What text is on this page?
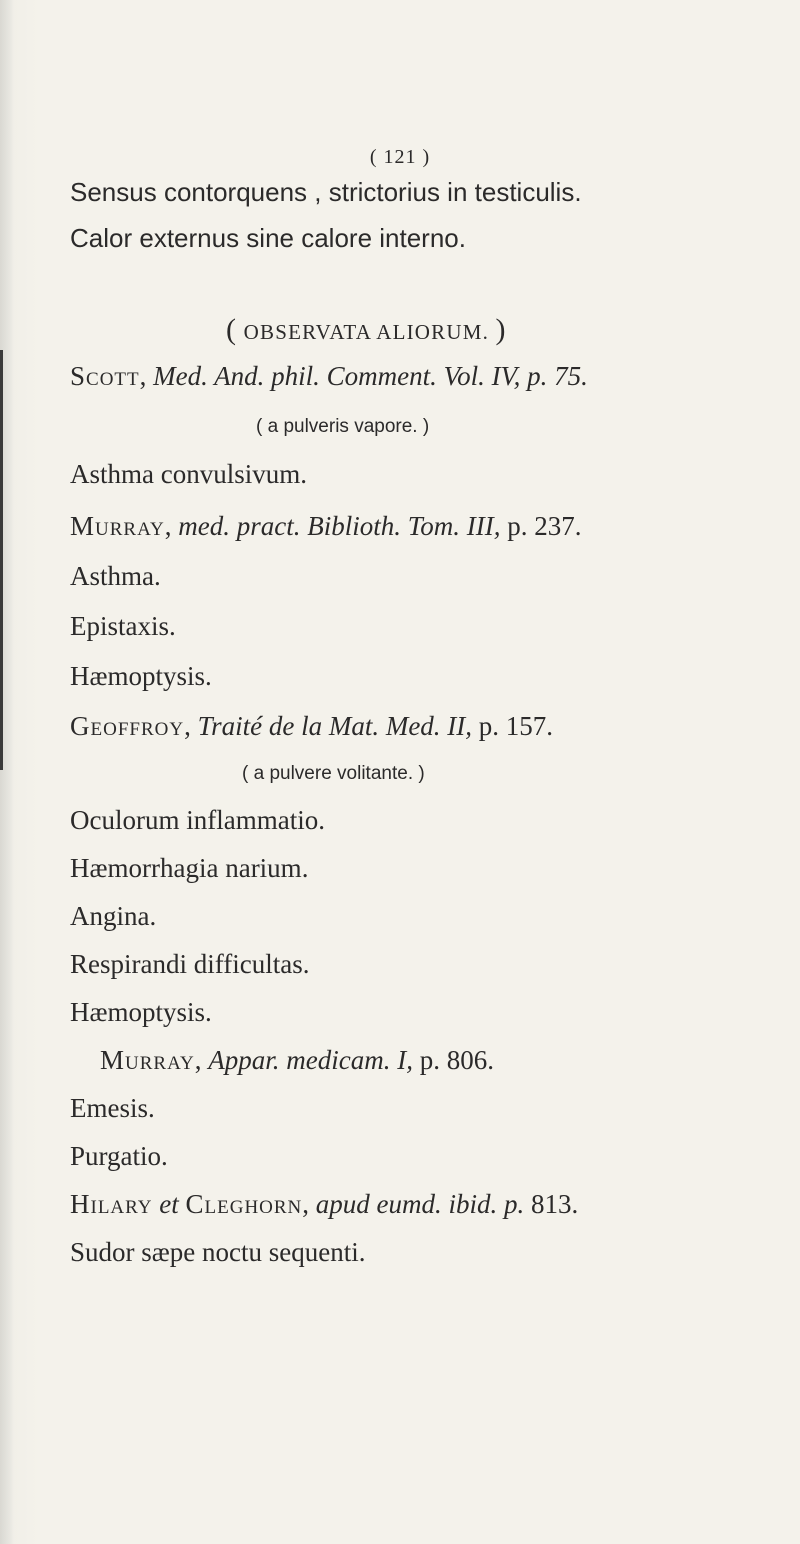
( 121 )
Sensus contorquens , strictorius in testiculis.
Calor externus sine calore interno.
( OBSERVATA ALIORUM. )
Scott, Med. And. phil. Comment. Vol. IV, p. 75.
( a pulveris vapore. )
Asthma convulsivum.
Murray, med. pract. Biblioth. Tom. III, p. 237.
Asthma.
Epistaxis.
Hæmoptysis.
Geoffroy, Traité de la Mat. Med. II, p. 157.
( a pulvere volitante. )
Oculorum inflammatio.
Hæmorrhagia narium.
Angina.
Respirandi difficultas.
Hæmoptysis.
Murray, Appar. medicam. I, p. 806.
Emesis.
Purgatio.
Hilary et Cleghorn, apud eumd. ibid. p. 813.
Sudor sæpe noctu sequenti.
